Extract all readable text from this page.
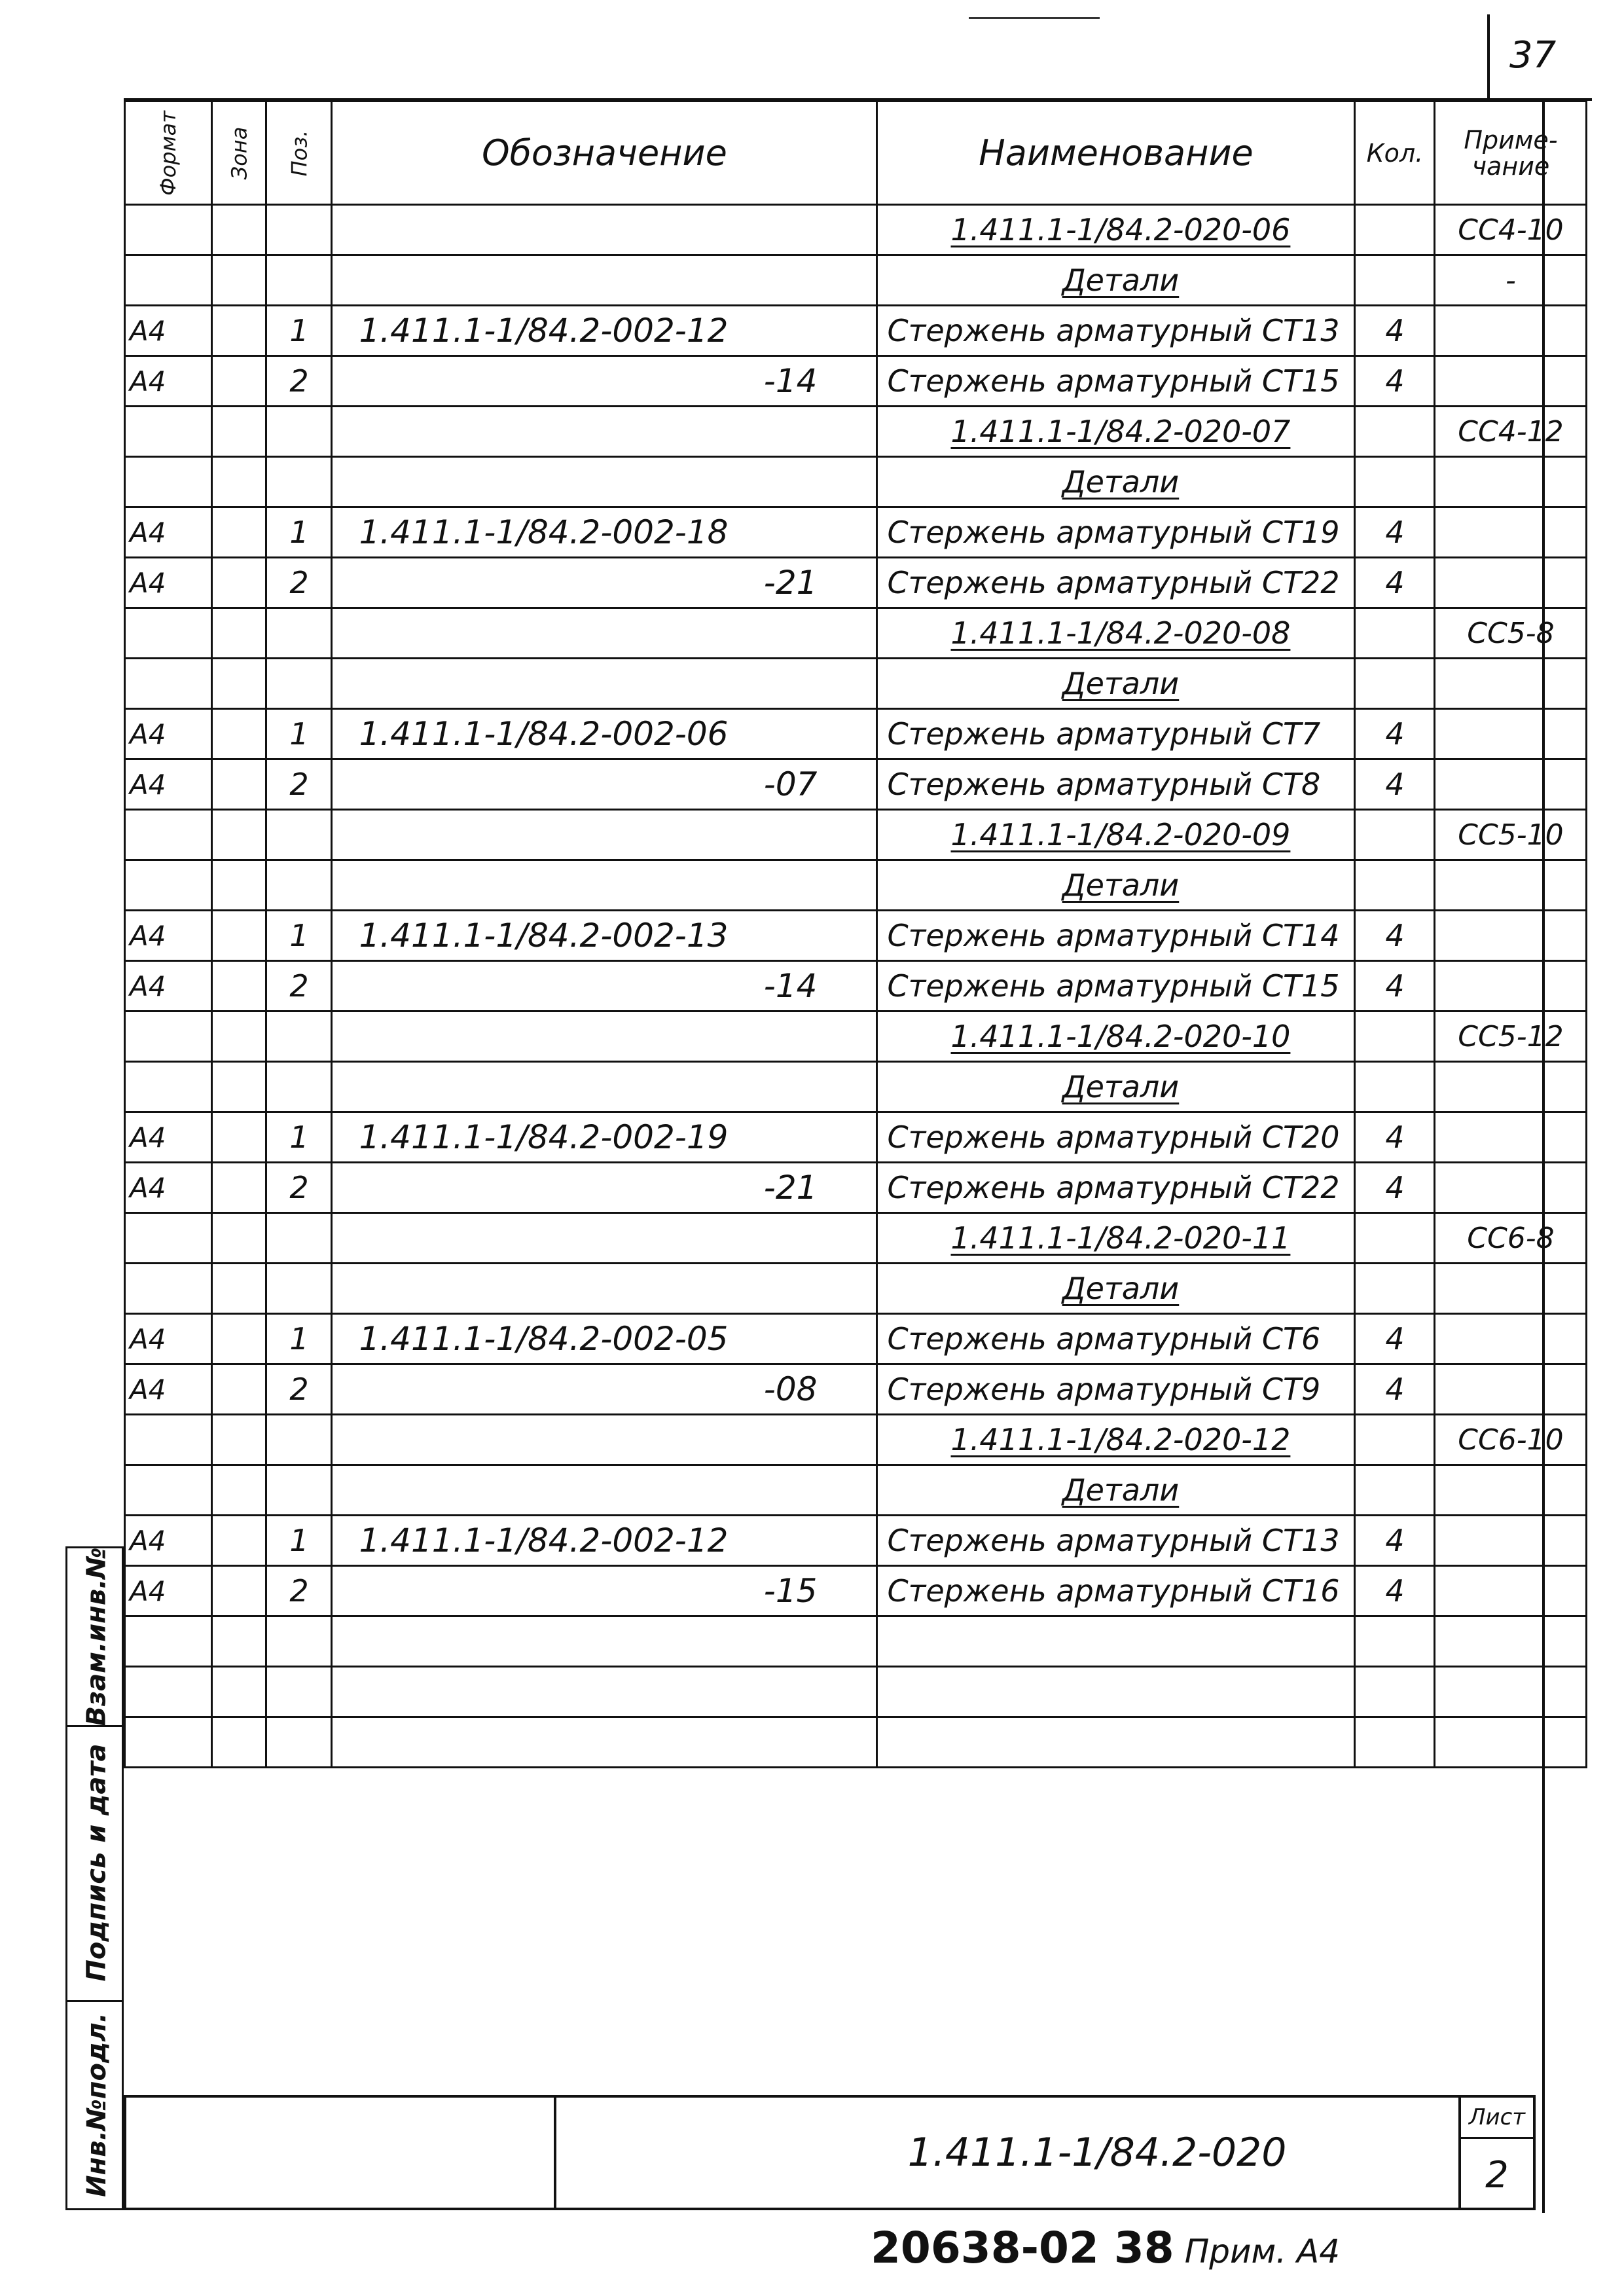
37
Формат	Зона	Поз.	Обозначение	Наименование	Кол.	Приме-
чание
				1.411.1-1/84.2-020-06		СС4-10
				Детали		-
А4		1	1.411.1-1/84.2-002-12	Стержень арматурный СТ13	4	
А4		2	-14	Стержень арматурный СТ15	4	
				1.411.1-1/84.2-020-07		СС4-12
				Детали		
А4		1	1.411.1-1/84.2-002-18	Стержень арматурный СТ19	4	
А4		2	-21	Стержень арматурный СТ22	4	
				1.411.1-1/84.2-020-08		СС5-8
				Детали		
А4		1	1.411.1-1/84.2-002-06	Стержень арматурный СТ7	4	
А4		2	-07	Стержень арматурный СТ8	4	
				1.411.1-1/84.2-020-09		СС5-10
				Детали		
А4		1	1.411.1-1/84.2-002-13	Стержень арматурный СТ14	4	
А4		2	-14	Стержень арматурный СТ15	4	
				1.411.1-1/84.2-020-10		СС5-12
				Детали		
А4		1	1.411.1-1/84.2-002-19	Стержень арматурный СТ20	4	
А4		2	-21	Стержень арматурный СТ22	4	
				1.411.1-1/84.2-020-11		СС6-8
				Детали		
А4		1	1.411.1-1/84.2-002-05	Стержень арматурный СТ6	4	
А4		2	-08	Стержень арматурный СТ9	4	
				1.411.1-1/84.2-020-12		СС6-10
				Детали		
А4		1	1.411.1-1/84.2-002-12	Стержень арматурный СТ13	4	
А4		2	-15	Стержень арматурный СТ16	4	

Взам.инв.№
Подпись и дата
Инв.№подл.	1.411.1-1/84.2-020
Лист
2
20638-02 38 Прим. А4
